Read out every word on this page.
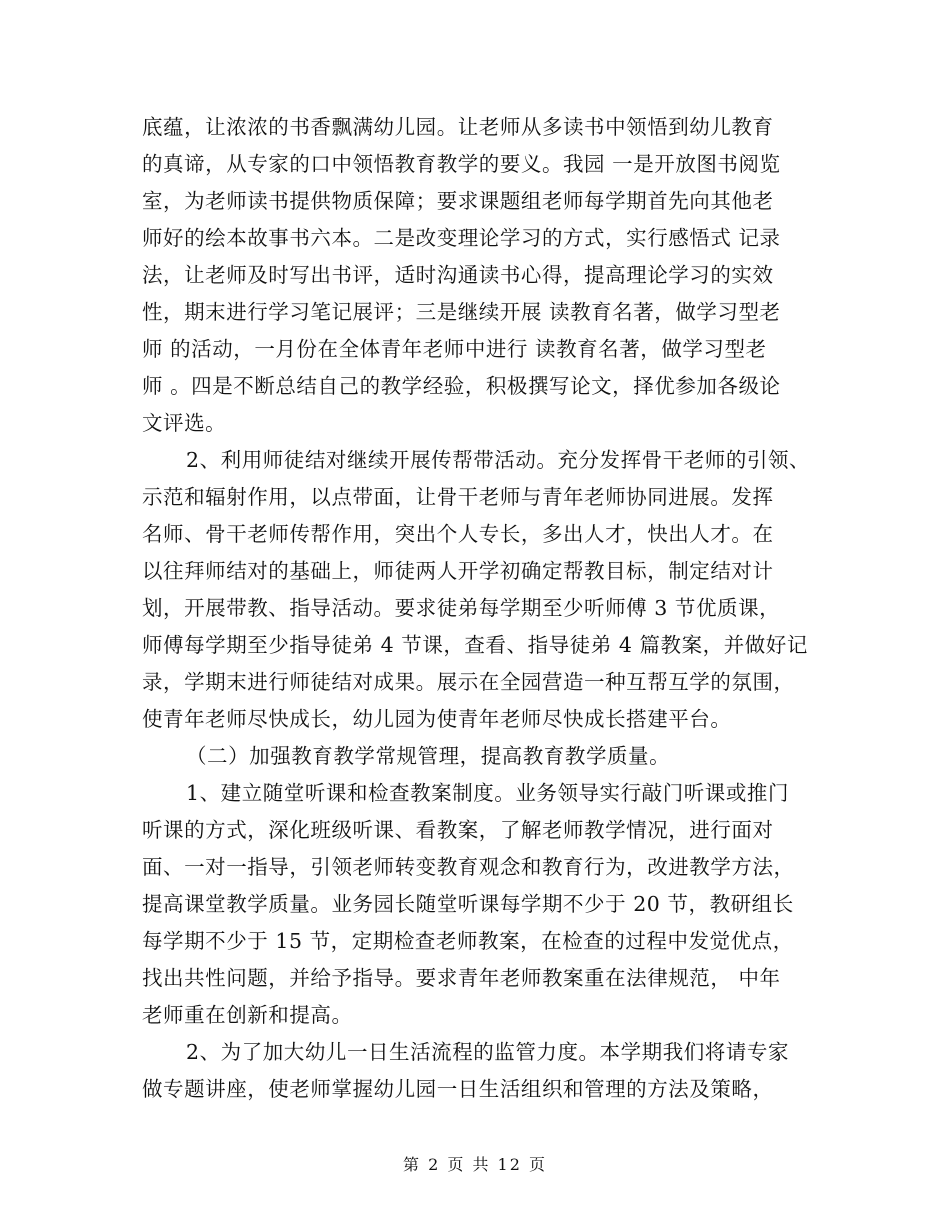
底蕴，让浓浓的书香飘满幼儿园。让老师从多读书中领悟到幼儿教育
的真谛，从专家的口中领悟教育教学的要义。我园 一是开放图书阅览
室，为老师读书提供物质保障；要求课题组老师每学期首先向其他老
师好的绘本故事书六本。二是改变理论学习的方式，实行感悟式 记录
法，让老师及时写出书评，适时沟通读书心得，提高理论学习的实效
性，期末进行学习笔记展评；三是继续开展 读教育名著，做学习型老
师 的活动，一月份在全体青年老师中进行 读教育名著，做学习型老
师 。四是不断总结自己的教学经验，积极撰写论文，择优参加各级论
文评选。
2、利用师徒结对继续开展传帮带活动。充分发挥骨干老师的引领、
示范和辐射作用，以点带面，让骨干老师与青年老师协同进展。发挥
名师、骨干老师传帮作用，突出个人专长，多出人才，快出人才。在
以往拜师结对的基础上，师徒两人开学初确定帮教目标，制定结对计
划，开展带教、指导活动。要求徒弟每学期至少听师傅 3 节优质课，
师傅每学期至少指导徒弟 4 节课，查看、指导徒弟 4 篇教案，并做好记
录，学期末进行师徒结对成果。展示在全园营造一种互帮互学的氛围，
使青年老师尽快成长，幼儿园为使青年老师尽快成长搭建平台。
（二）加强教育教学常规管理，提高教育教学质量。
1、建立随堂听课和检查教案制度。业务领导实行敲门听课或推门
听课的方式，深化班级听课、看教案，了解老师教学情况，进行面对
面、一对一指导，引领老师转变教育观念和教育行为，改进教学方法，
提高课堂教学质量。业务园长随堂听课每学期不少于 20 节，教研组长
每学期不少于 15 节，定期检查老师教案，在检查的过程中发觉优点，
找出共性问题，并给予指导。要求青年老师教案重在法律规范， 中年
老师重在创新和提高。
2、为了加大幼儿一日生活流程的监管力度。本学期我们将请专家
做专题讲座，使老师掌握幼儿园一日生活组织和管理的方法及策略，
第 2 页 共 12 页
